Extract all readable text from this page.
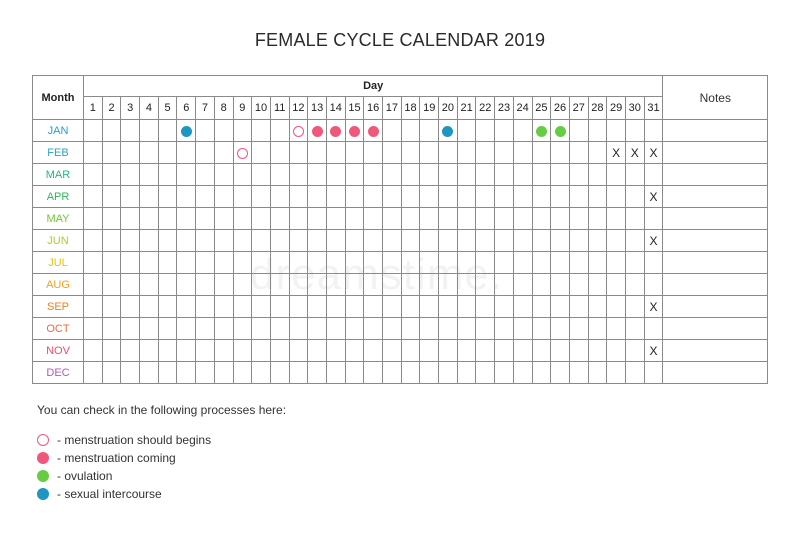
FEMALE CYCLE CALENDAR 2019
dreamstime.
Month	Day																															Notes
	1	2	3	4	5	6	7	8	9	10	11	12	13	14	15	16	17	18	19	20	21	22	23	24	25	26	27	28	29	30	31	
JAN																																
FEB																													X	X	X	
MAR																																
APR																															X	
MAY																																
JUN																															X	
JUL																																
AUG																																
SEP																															X	
OCT																																
NOV																															X	
DEC																																
You can check in the following processes here:
- menstruation should begins
- menstruation coming
- ovulation
- sexual intercourse
